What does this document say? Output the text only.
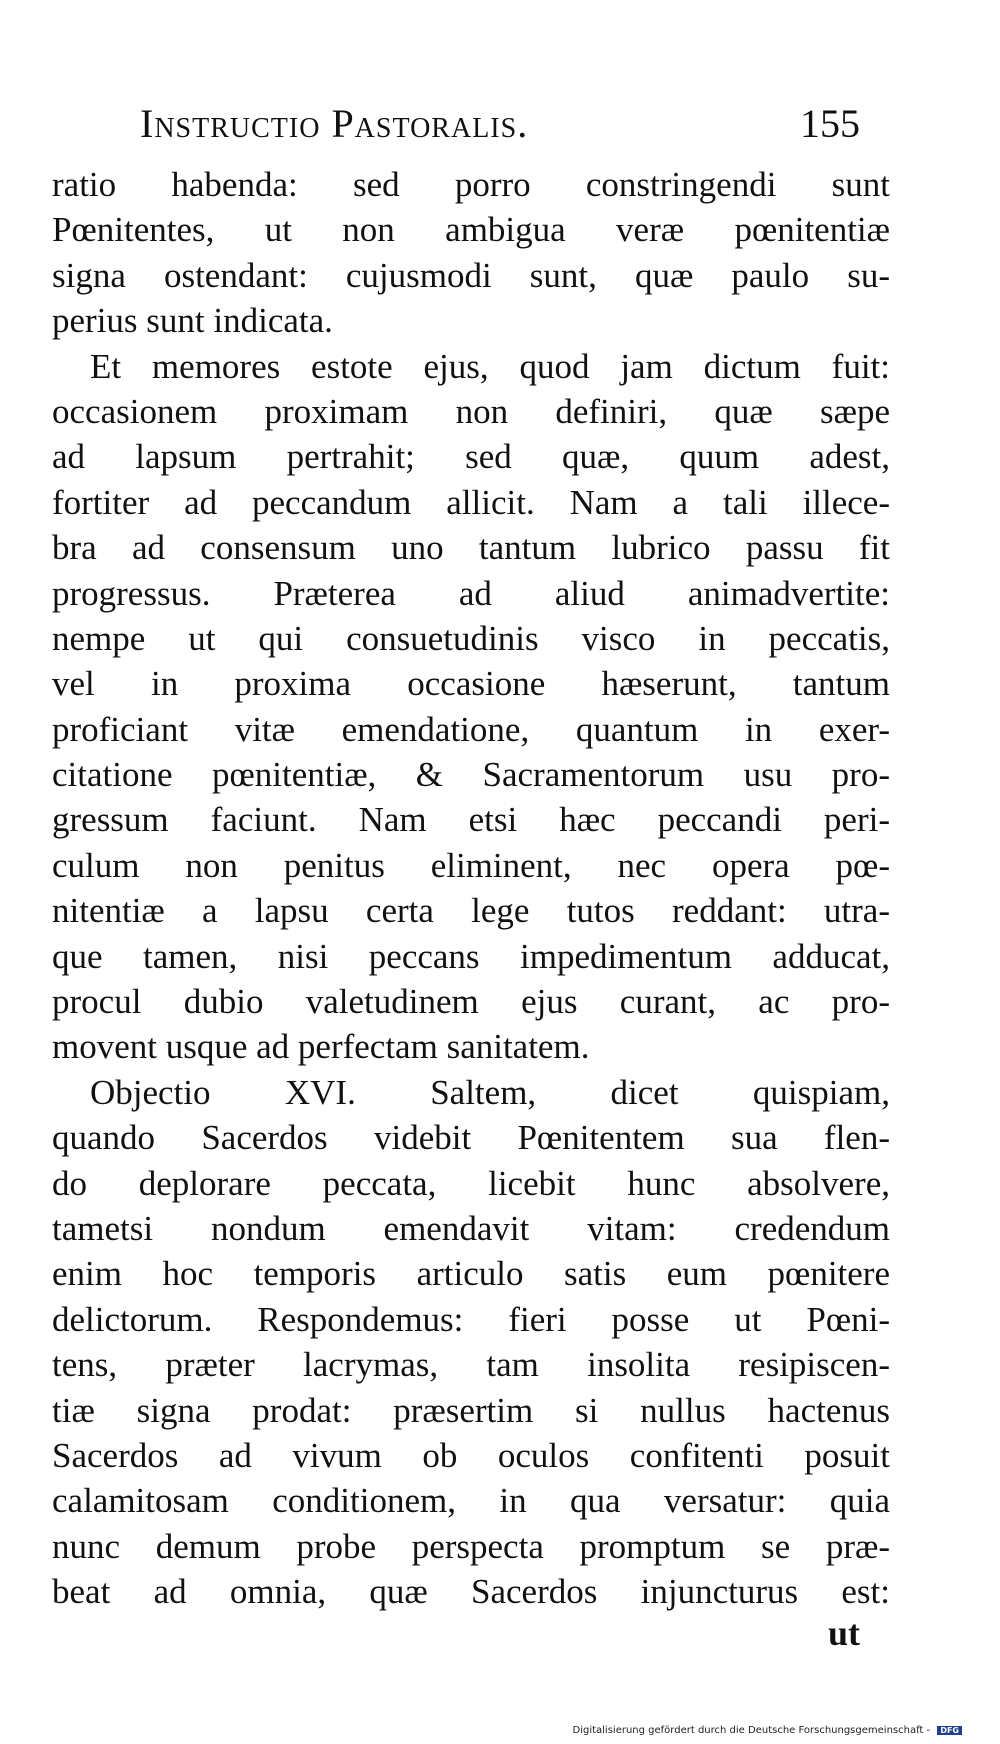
Instructio Pastoralis.	155
ratio habenda: sed porro constringendi sunt
Pœnitentes, ut non ambigua veræ pœnitentiæ
signa ostendant: cujusmodi sunt, quæ paulo su-
perius sunt indicata.
Et memores estote ejus, quod jam dictum fuit:
occasionem proximam non definiri, quæ sæpe
ad lapsum pertrahit; sed quæ, quum adest,
fortiter ad peccandum allicit. Nam a tali illece-
bra ad consensum uno tantum lubrico passu fit
progressus. Præterea ad aliud animadvertite:
nempe ut qui consuetudinis visco in peccatis,
vel in proxima occasione hæserunt, tantum
proficiant vitæ emendatione, quantum in exer-
citatione pœnitentiæ, & Sacramentorum usu pro-
gressum faciunt. Nam etsi hæc peccandi peri-
culum non penitus eliminent, nec opera pœ-
nitentiæ a lapsu certa lege tutos reddant: utra-
que tamen, nisi peccans impedimentum adducat,
procul dubio valetudinem ejus curant, ac pro-
movent usque ad perfectam sanitatem.
Objectio XVI. Saltem, dicet quispiam,
quando Sacerdos videbit Pœnitentem sua flen-
do deplorare peccata, licebit hunc absolvere,
tametsi nondum emendavit vitam: credendum
enim hoc temporis articulo satis eum pœnitere
delictorum. Respondemus: fieri posse ut Pœni-
tens, præter lacrymas, tam insolita resipiscen-
tiæ signa prodat: præsertim si nullus hactenus
Sacerdos ad vivum ob oculos confitenti posuit
calamitosam conditionem, in qua versatur: quia
nunc demum probe perspecta promptum se præ-
beat ad omnia, quæ Sacerdos injuncturus est:
ut
Digitalisierung gefördert durch die Deutsche Forschungsgemeinschaft - DFG
